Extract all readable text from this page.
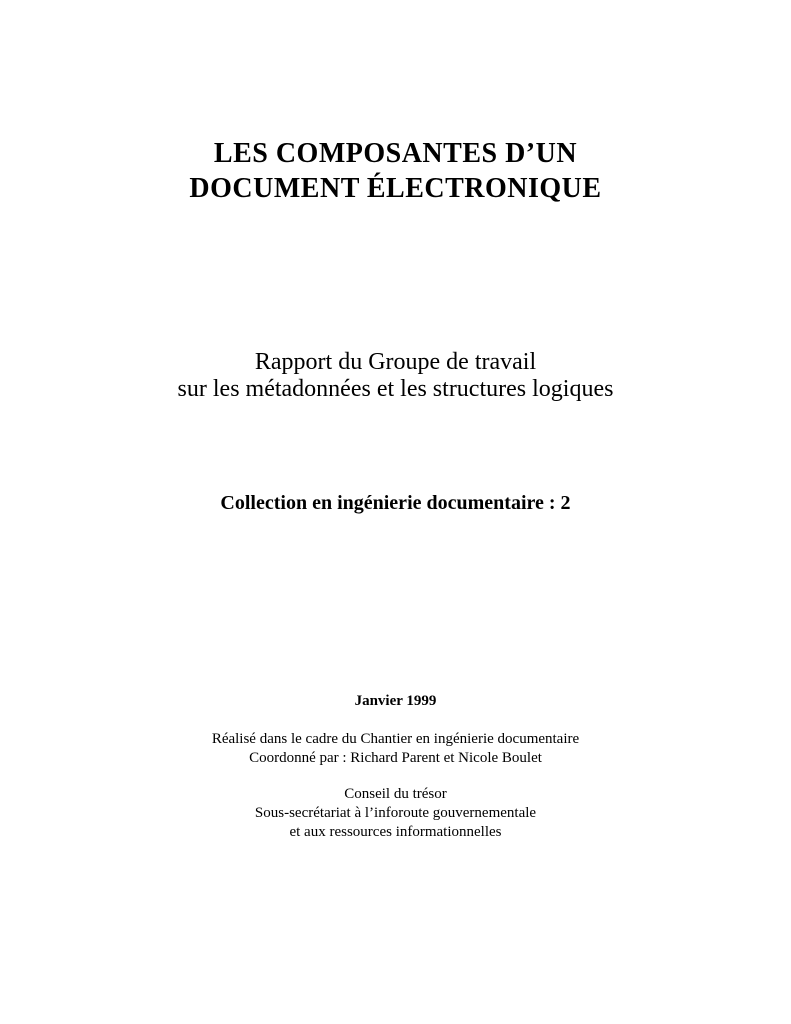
LES COMPOSANTES D’UN
DOCUMENT ÉLECTRONIQUE
Rapport du Groupe de travail
sur les métadonnées et les structures logiques
Collection en ingénierie documentaire : 2
Janvier 1999
Réalisé dans le cadre du Chantier en ingénierie documentaire
Coordonné par : Richard Parent et Nicole Boulet
Conseil du trésor
Sous-secrétariat à l’inforoute gouvernementale
et aux ressources informationnelles
